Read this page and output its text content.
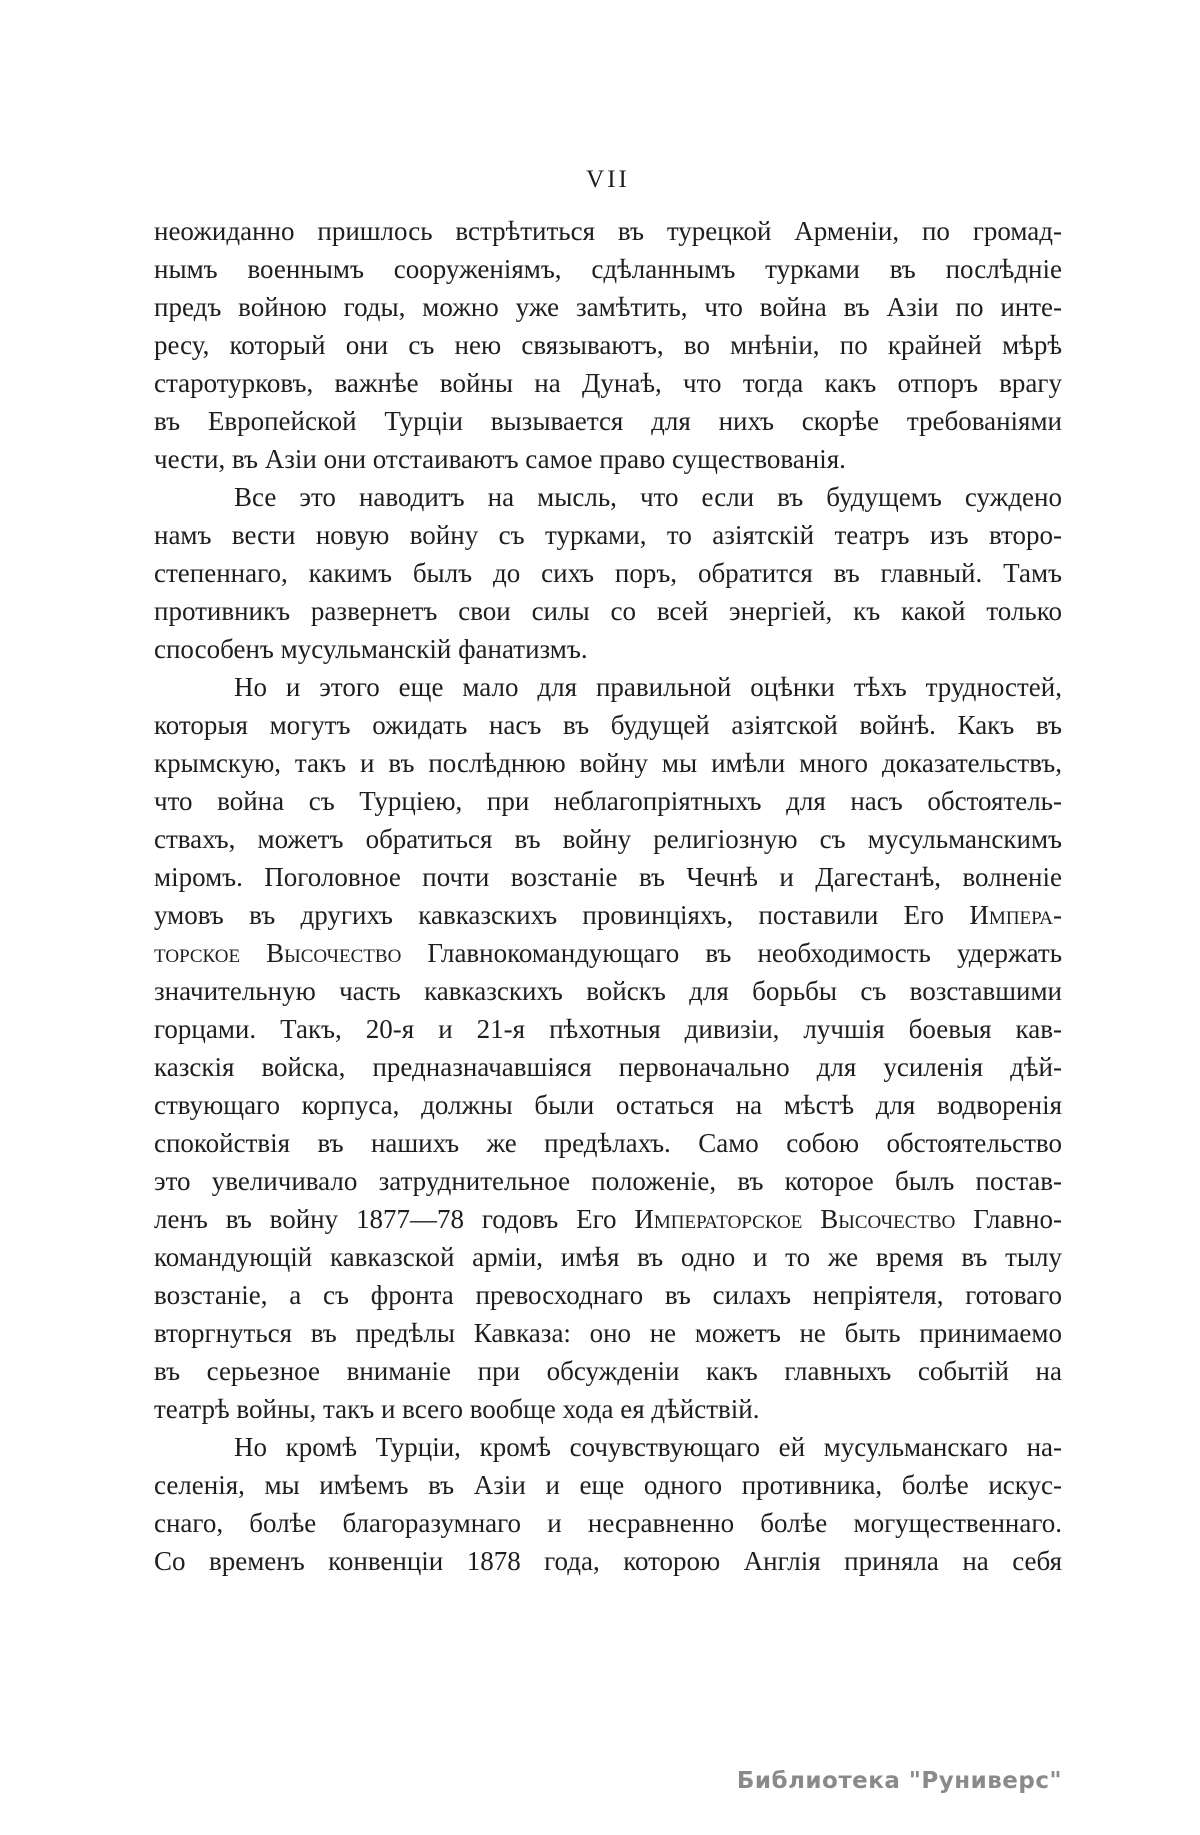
VII
неожиданно пришлось встрѣтиться въ турецкой Арменіи, по громад-
нымъ военнымъ сооруженіямъ, сдѣланнымъ турками въ послѣдніе
предъ войною годы, можно уже замѣтить, что война въ Азіи по инте-
ресу, который они съ нею связываютъ, во мнѣніи, по крайней мѣрѣ
старотурковъ, важнѣе войны на Дунаѣ, что тогда какъ отпоръ врагу
въ Европейской Турціи вызывается для нихъ скорѣе требованіями
чести, въ Азіи они отстаиваютъ самое право существованія.
Все это наводитъ на мысль, что если въ будущемъ суждено
намъ вести новую войну съ турками, то азіятскій театръ изъ второ-
степеннаго, какимъ былъ до сихъ поръ, обратится въ главный. Тамъ
противникъ развернетъ свои силы со всей энергіей, къ какой только
способенъ мусульманскій фанатизмъ.
Но и этого еще мало для правильной оцѣнки тѣхъ трудностей,
которыя могутъ ожидать насъ въ будущей азіятской войнѣ. Какъ въ
крымскую, такъ и въ послѣднюю войну мы имѣли много доказательствъ,
что война съ Турціею, при неблагопріятныхъ для насъ обстоятель-
ствахъ, можетъ обратиться въ войну религіозную съ мусульманскимъ
міромъ. Поголовное почти возстаніе въ Чечнѣ и Дагестанѣ, волненіе
умовъ въ другихъ кавказскихъ провинціяхъ, поставили Его Импера-
торское Высочество Главнокомандующаго въ необходимость удержать
значительную часть кавказскихъ войскъ для борьбы съ возставшими
горцами. Такъ, 20-я и 21-я пѣхотныя дивизіи, лучшія боевыя кав-
казскія войска, предназначавшіяся первоначально для усиленія дѣй-
ствующаго корпуса, должны были остаться на мѣстѣ для водворенія
спокойствія въ нашихъ же предѣлахъ. Само собою обстоятельство
это увеличивало затруднительное положеніе, въ которое былъ постав-
ленъ въ войну 1877—78 годовъ Его Императорское Высочество Главно-
командующій кавказской арміи, имѣя въ одно и то же время въ тылу
возстаніе, а съ фронта превосходнаго въ силахъ непріятеля, готоваго
вторгнуться въ предѣлы Кавказа: оно не можетъ не быть принимаемо
въ серьезное вниманіе при обсужденіи какъ главныхъ событій на
театрѣ войны, такъ и всего вообще хода ея дѣйствій.
Но кромѣ Турціи, кромѣ сочувствующаго ей мусульманскаго на-
селенія, мы имѣемъ въ Азіи и еще одного противника, болѣе искус-
снаго, болѣе благоразумнаго и несравненно болѣе могущественнаго.
Со временъ конвенціи 1878 года, которою Англія приняла на себя
Библиотека "Руниверс"
